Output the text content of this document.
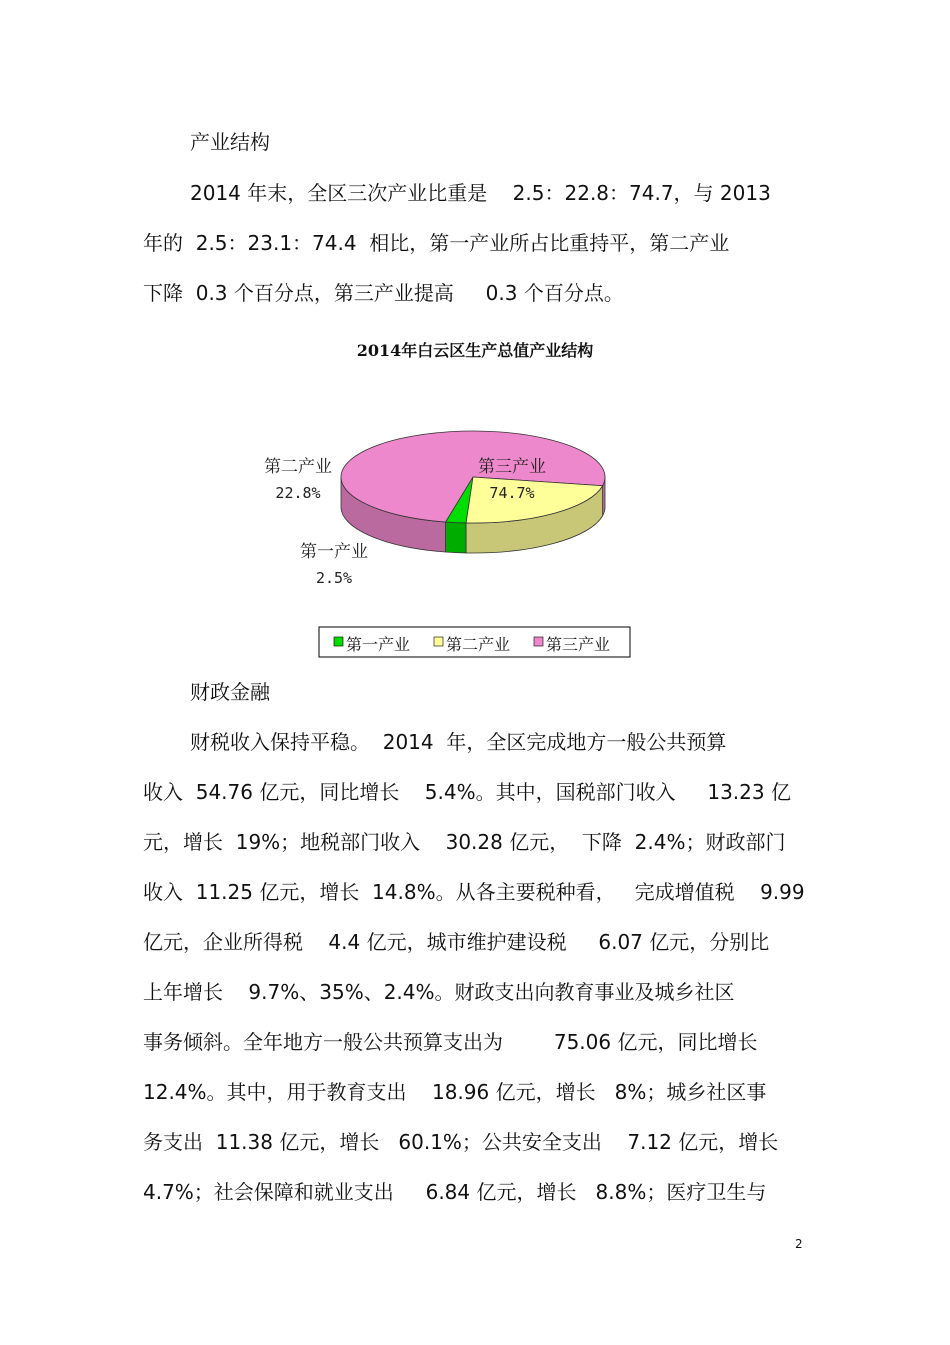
产业结构
2014 年末，全区三次产业比重是    2.5：22.8：74.7，与 2013
年的  2.5：23.1：74.4  相比，第一产业所占比重持平，第二产业
下降  0.3 个百分点，第三产业提高     0.3 个百分点。
2014年白云区生产总值产业结构
第二产业
22.8%
第三产业
74.7%
第一产业
2.5%
第一产业 第二产业 第三产业
财政金融
财税收入保持平稳。  2014  年，全区完成地方一般公共预算
收入  54.76 亿元，同比增长    5.4%。其中，国税部门收入     13.23 亿
元，增长  19%；地税部门收入    30.28 亿元，  下降  2.4%；财政部门
收入  11.25 亿元，增长  14.8%。从各主要税种看，   完成增值税    9.99
亿元，企业所得税    4.4 亿元，城市维护建设税     6.07 亿元，分别比
上年增长    9.7%、35%、2.4%。财政支出向教育事业及城乡社区
事务倾斜。全年地方一般公共预算支出为        75.06 亿元，同比增长
12.4%。其中，用于教育支出    18.96 亿元，增长   8%；城乡社区事
务支出  11.38 亿元，增长   60.1%；公共安全支出    7.12 亿元，增长
4.7%；社会保障和就业支出     6.84 亿元，增长   8.8%；医疗卫生与
2
